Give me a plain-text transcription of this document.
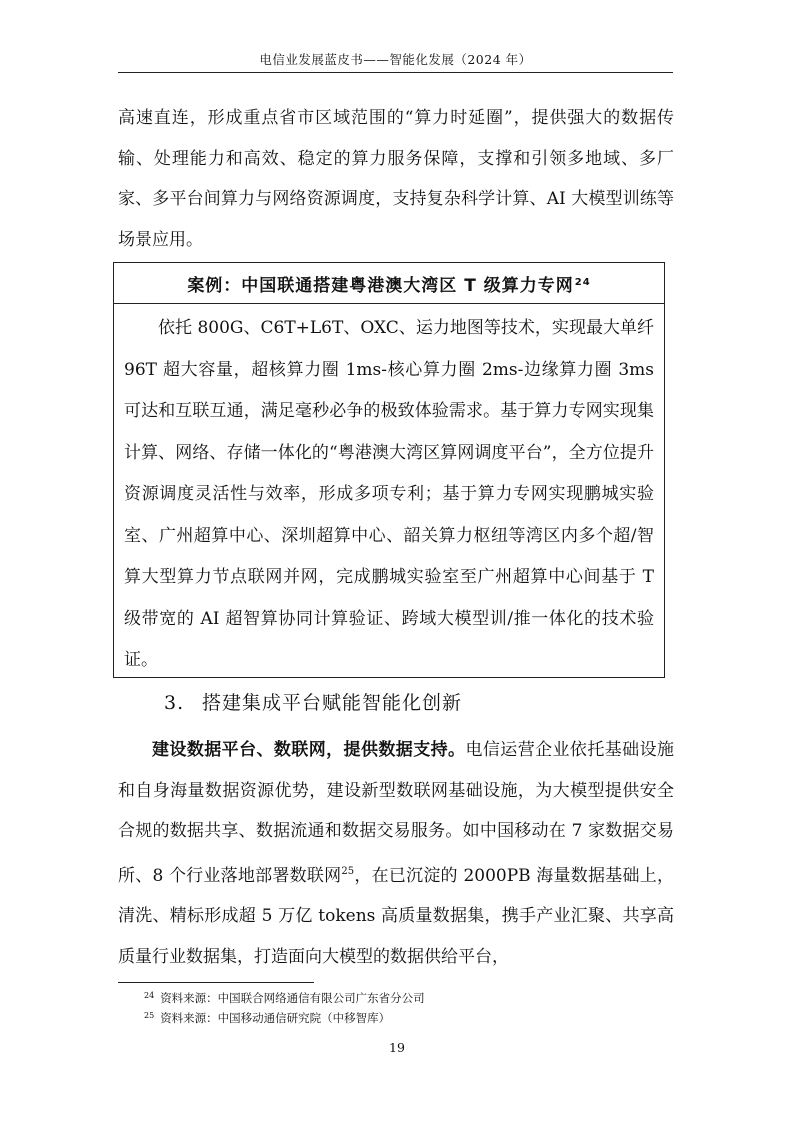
电信业发展蓝皮书——智能化发展（2024 年）

高速直连，形成重点省市区域范围的“算力时延圈”，提供强大的数据传输、处理能力和高效、稳定的算力服务保障，支撑和引领多地域、多厂家、多平台间算力与网络资源调度，支持复杂科学计算、AI 大模型训练等场景应用。

案例：中国联通搭建粤港澳大湾区 T 级算力专网$^{24}$

依托 800G、C6T+L6T、OXC、运力地图等技术，实现最大单纤 96T 超大容量，超核算力圈 1ms-核心算力圈 2ms-边缘算力圈 3ms 可达和互联互通，满足毫秒必争的极致体验需求。基于算力专网实现集计算、网络、存储一体化的“粤港澳大湾区算网调度平台”，全方位提升资源调度灵活性与效率，形成多项专利；基于算力专网实现鹏城实验室、广州超算中心、深圳超算中心、韶关算力枢纽等湾区内多个超/智算大型算力节点联网并网，完成鹏城实验室至广州超算中心间基于 T 级带宽的 AI 超智算协同计算验证、跨域大模型训/推一体化的技术验证。

3. 搭建集成平台赋能智能化创新

建设数据平台、数联网，提供数据支持。电信运营企业依托基础设施和自身海量数据资源优势，建设新型数联网基础设施，为大模型提供安全合规的数据共享、数据流通和数据交易服务。如中国移动在 7 家数据交易所、8 个行业落地部署数联网$^{25}$，在已沉淀的 2000PB 海量数据基础上，清洗、精标形成超 5 万亿 tokens 高质量数据集，携手产业汇聚、共享高质量行业数据集，打造面向大模型的数据供给平台，

$^{24}$ 资料来源：中国联合网络通信有限公司广东省分公司
$^{25}$ 资料来源：中国移动通信研究院（中移智库）
19
